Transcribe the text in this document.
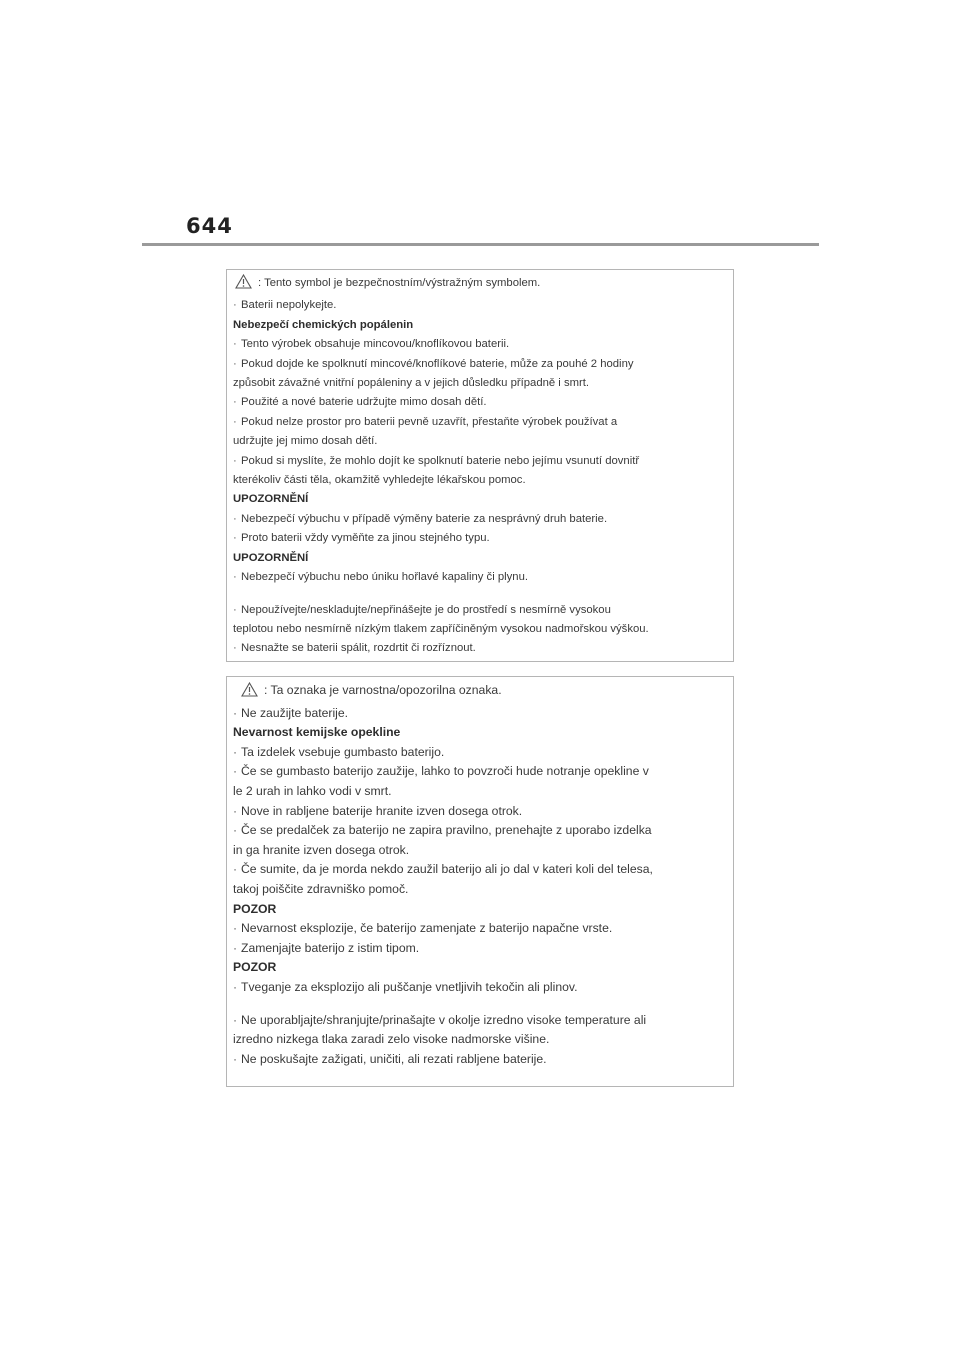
644
: Tento symbol je bezpečnostním/výstražným symbolem.
· Baterii nepolykejte.
Nebezpečí chemických popálenin
· Tento výrobek obsahuje mincovou/knoflíkovou baterii.
· Pokud dojde ke spolknutí mincové/knoflíkové baterie, může za pouhé 2 hodiny
způsobit závažné vnitřní popáleniny a v jejich důsledku případně i smrt.
· Použité a nové baterie udržujte mimo dosah dětí.
· Pokud nelze prostor pro baterii pevně uzavřít, přestaňte výrobek používat a
udržujte jej mimo dosah dětí.
· Pokud si myslíte, že mohlo dojít ke spolknutí baterie nebo jejímu vsunutí dovnitř
kterékoliv části těla, okamžitě vyhledejte lékařskou pomoc.
UPOZORNĚNÍ
· Nebezpečí výbuchu v případě výměny baterie za nesprávný druh baterie.
· Proto baterii vždy vyměňte za jinou stejného typu.
UPOZORNĚNÍ
· Nebezpečí výbuchu nebo úniku hořlavé kapaliny či plynu.
· Nepoužívejte/neskladujte/nepřinášejte je do prostředí s nesmírně vysokou
teplotou nebo nesmírně nízkým tlakem zapříčiněným vysokou nadmořskou výškou.
· Nesnažte se baterii spálit, rozdrtit či rozříznout.
: Ta oznaka je varnostna/opozorilna oznaka.
· Ne zaužijte baterije.
Nevarnost kemijske opekline
· Ta izdelek vsebuje gumbasto baterijo.
· Če se gumbasto baterijo zaužije, lahko to povzroči hude notranje opekline v
le 2 urah in lahko vodi v smrt.
· Nove in rabljene baterije hranite izven dosega otrok.
· Če se predalček za baterijo ne zapira pravilno, prenehajte z uporabo izdelka
in ga hranite izven dosega otrok.
· Če sumite, da je morda nekdo zaužil baterijo ali jo dal v kateri koli del telesa,
takoj poiščite zdravniško pomoč.
POZOR
· Nevarnost eksplozije, če baterijo zamenjate z baterijo napačne vrste.
· Zamenjajte baterijo z istim tipom.
POZOR
· Tveganje za eksplozijo ali puščanje vnetljivih tekočin ali plinov.
· Ne uporabljajte/shranjujte/prinašajte v okolje izredno visoke temperature ali
izredno nizkega tlaka zaradi zelo visoke nadmorske višine.
· Ne poskušajte zažigati, uničiti, ali rezati rabljene baterije.
